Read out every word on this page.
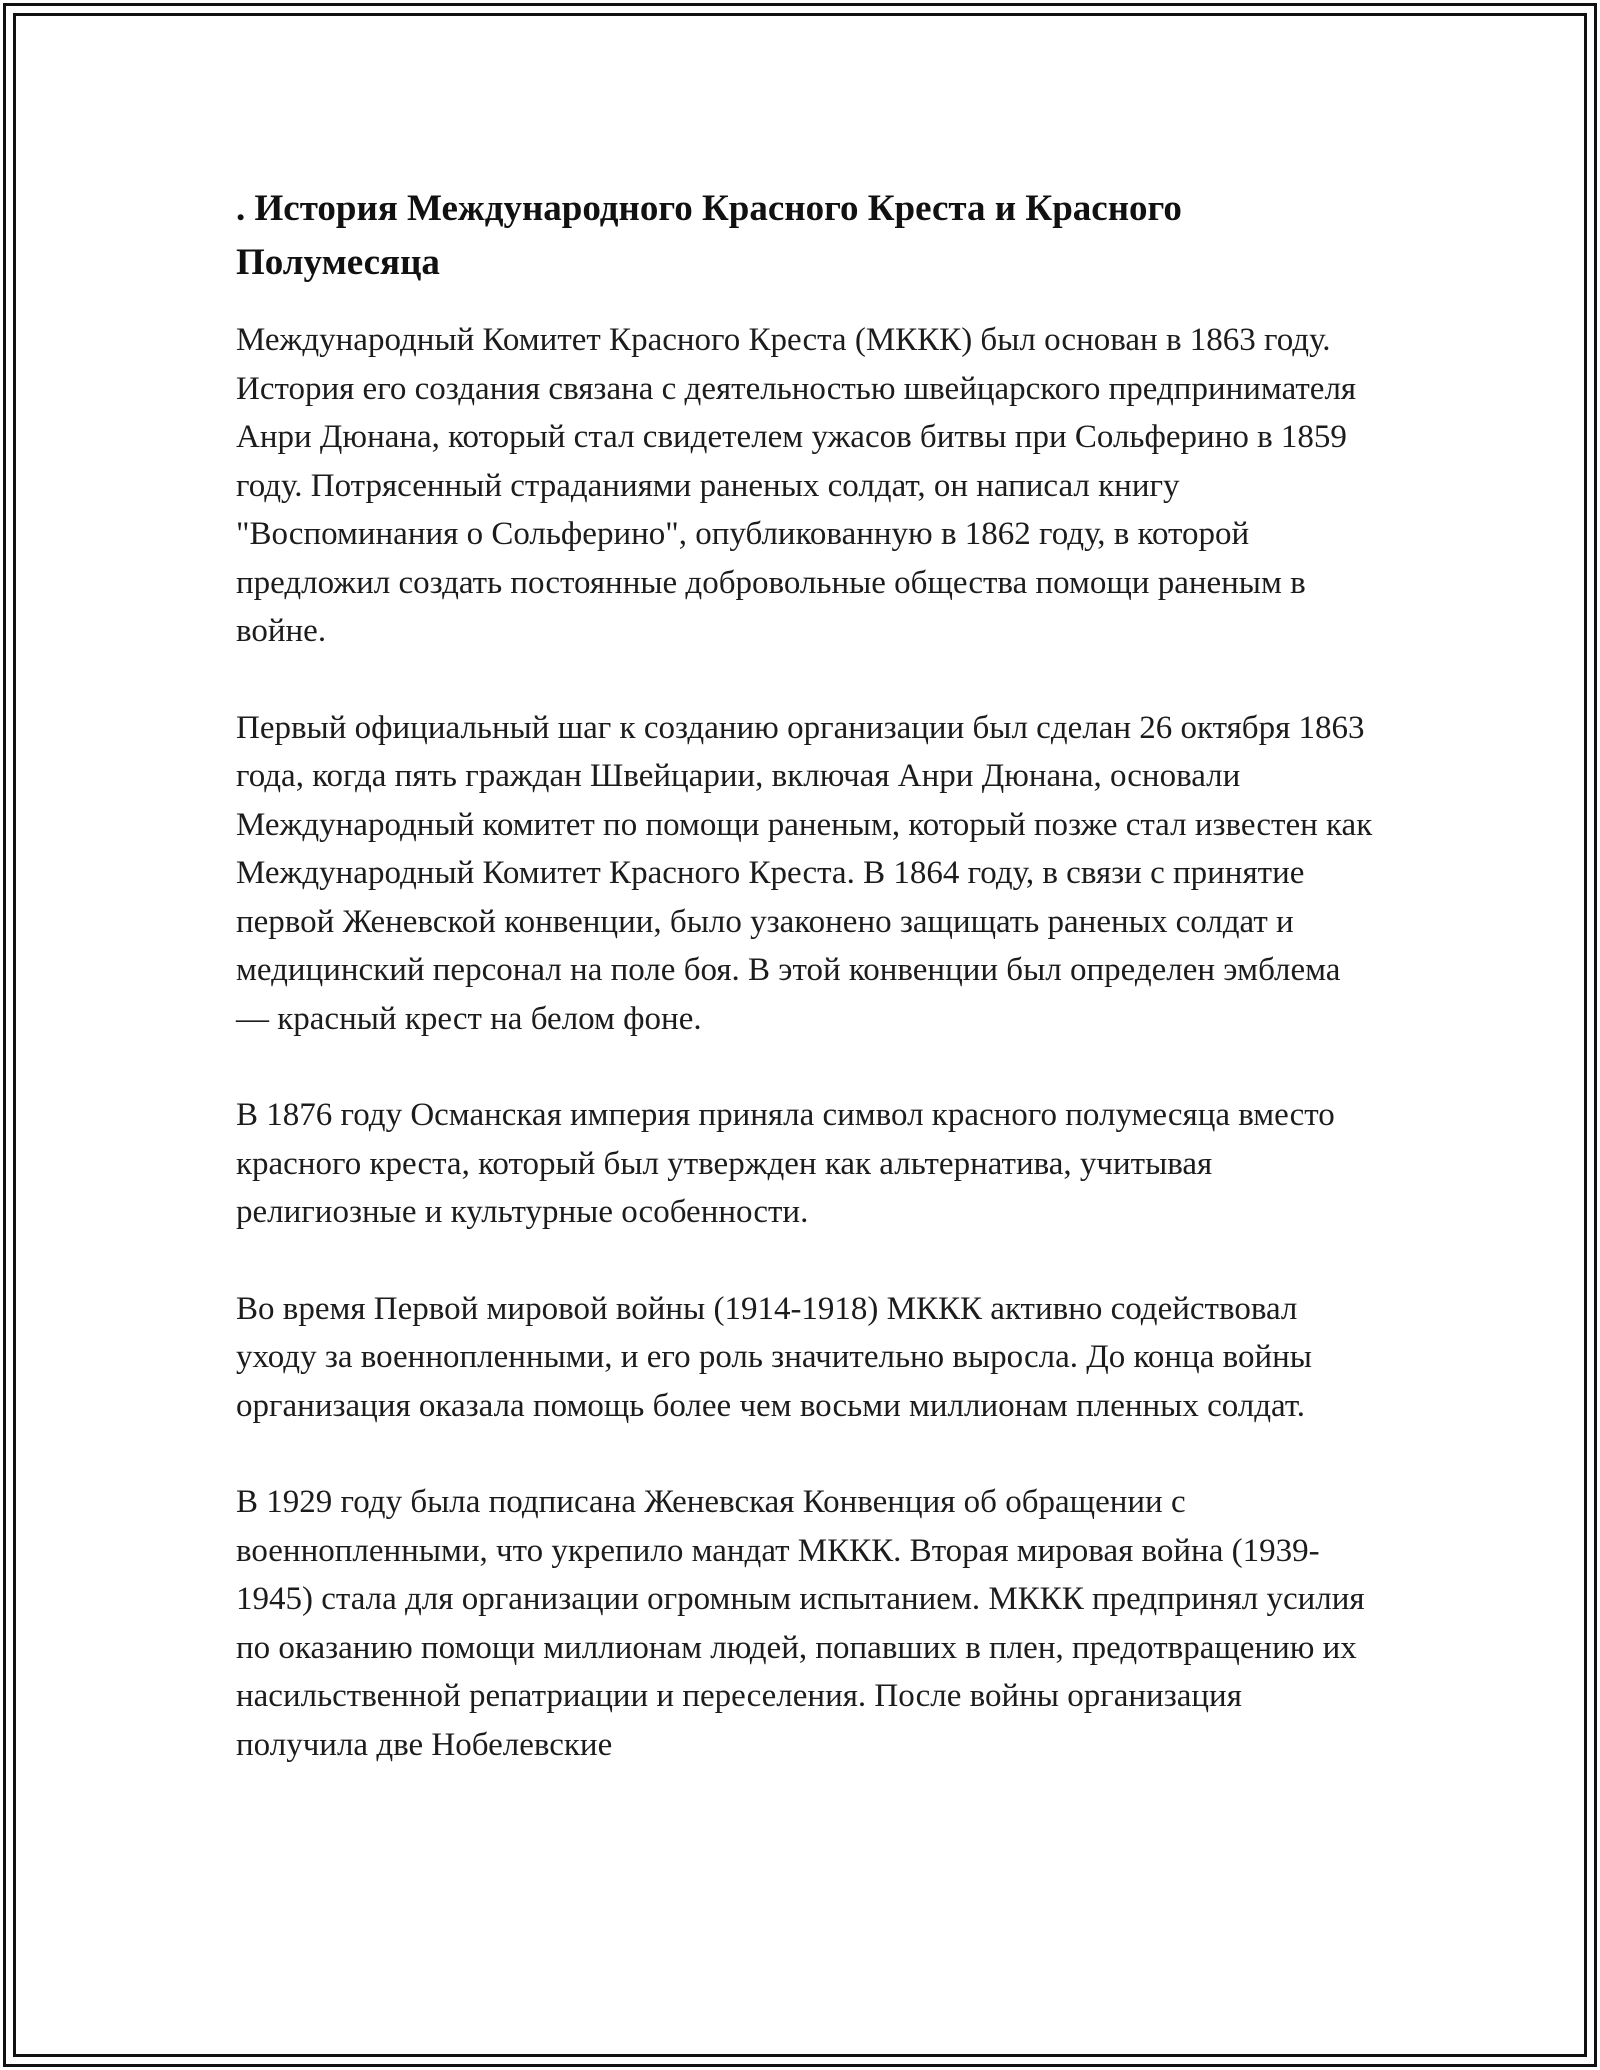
. История Международного Красного Креста и Красного Полумесяца

Международный Комитет Красного Креста (МККК) был основан в 1863 году. История его создания связана с деятельностью швейцарского предпринимателя Анри Дюнана, который стал свидетелем ужасов битвы при Сольферино в 1859 году. Потрясенный страданиями раненых солдат, он написал книгу "Воспоминания о Сольферино", опубликованную в 1862 году, в которой предложил создать постоянные добровольные общества помощи раненым в войне.

Первый официальный шаг к созданию организации был сделан 26 октября 1863 года, когда пять граждан Швейцарии, включая Анри Дюнана, основали Международный комитет по помощи раненым, который позже стал известен как Международный Комитет Красного Креста. В 1864 году, в связи с принятие первой Женевской конвенции, было узаконено защищать раненых солдат и медицинский персонал на поле боя. В этой конвенции был определен эмблема — красный крест на белом фоне.

В 1876 году Османская империя приняла символ красного полумесяца вместо красного креста, который был утвержден как альтернатива, учитывая религиозные и культурные особенности.

Во время Первой мировой войны (1914-1918) МККК активно содействовал уходу за военнопленными, и его роль значительно выросла. До конца войны организация оказала помощь более чем восьми миллионам пленных солдат.

В 1929 году была подписана Женевская Конвенция об обращении с военнопленными, что укрепило мандат МККК. Вторая мировая война (1939-1945) стала для организации огромным испытанием. МККК предпринял усилия по оказанию помощи миллионам людей, попавших в плен, предотвращению их насильственной репатриации и переселения. После войны организация получила две Нобелевские
